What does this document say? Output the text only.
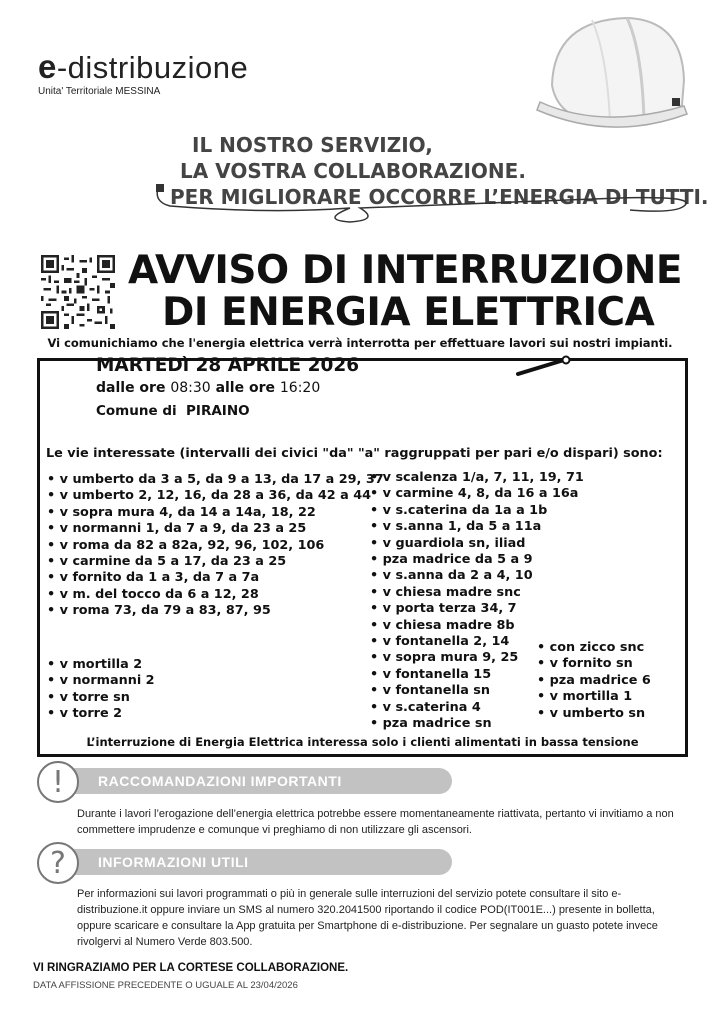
e-distribuzione
Unita' Territoriale MESSINA
IL NOSTRO SERVIZIO,
LA VOSTRA COLLABORAZIONE.
PER MIGLIORARE OCCORRE L’ENERGIA DI TUTTI.
AVVISO DI INTERRUZIONE
DI ENERGIA ELETTRICA
Vi comunichiamo che l'energia elettrica verrà interrotta per effettuare lavori sui nostri impianti.
MARTEDì 28 APRILE 2026
dalle ore 08:30 alle ore 16:20
Comune di PIRAINO
Le vie interessate (intervalli dei civici "da" "a" raggruppati per pari e/o dispari) sono:
• v umberto da 3 a 5, da 9 a 13, da 17 a 29, 37
• v umberto 2, 12, 16, da 28 a 36, da 42 a 44
• v sopra mura 4, da 14 a 14a, 18, 22
• v normanni 1, da 7 a 9, da 23 a 25
• v roma da 82 a 82a, 92, 96, 102, 106
• v carmine da 5 a 17, da 23 a 25
• v fornito da 1 a 3, da 7 a 7a
• v m. del tocco da 6 a 12, 28
• v roma 73, da 79 a 83, 87, 95
• v mortilla 2
• v normanni 2
• v torre sn
• v torre 2
• v scalenza 1/a, 7, 11, 19, 71
• v carmine 4, 8, da 16 a 16a
• v s.caterina da 1a a 1b
• v s.anna 1, da 5 a 11a
• v guardiola sn, iliad
• pza madrice da 5 a 9
• v s.anna da 2 a 4, 10
• v chiesa madre snc
• v porta terza 34, 7
• v chiesa madre 8b
• v fontanella 2, 14
• v sopra mura 9, 25
• v fontanella 15
• v fontanella sn
• v s.caterina 4
• pza madrice sn
• con zicco snc
• v fornito sn
• pza madrice 6
• v mortilla 1
• v umberto sn
L’interruzione di Energia Elettrica interessa solo i clienti alimentati in bassa tensione
RACCOMANDAZIONI IMPORTANTI
!
Durante i lavori l’erogazione dell’energia elettrica potrebbe essere momentaneamente riattivata, pertanto vi invitiamo a non commettere imprudenze e comunque vi preghiamo di non utilizzare gli ascensori.
INFORMAZIONI UTILI
?
Per informazioni sui lavori programmati o più in generale sulle interruzioni del servizio potete consultare il sito e-distribuzione.it oppure inviare un SMS al numero 320.2041500 riportando il codice POD(IT001E...) presente in bolletta, oppure scaricare e consultare la App gratuita per Smartphone di e-distribuzione. Per segnalare un guasto potete invece rivolgervi al Numero Verde 803.500.
VI RINGRAZIAMO PER LA CORTESE COLLABORAZIONE.
DATA AFFISSIONE PRECEDENTE O UGUALE AL 23/04/2026
